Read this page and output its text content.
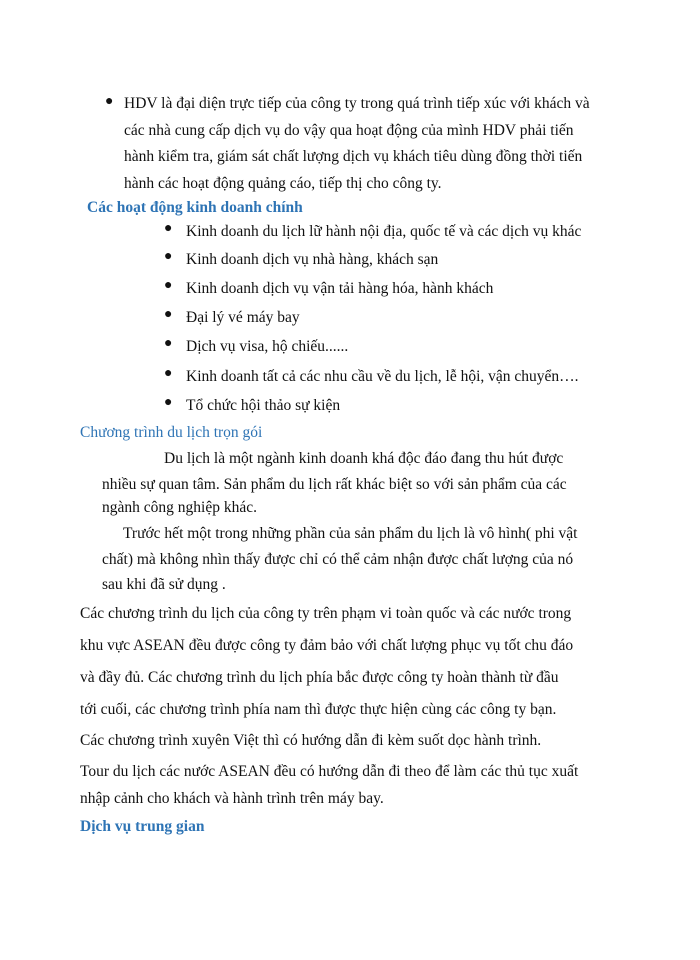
● HDV là đại diện trực tiếp của công ty trong quá trình tiếp xúc với khách và
các nhà cung cấp dịch vụ do vậy qua hoạt động của mình HDV phải tiến
hành kiểm tra, giám sát chất lượng dịch vụ khách tiêu dùng đồng thời tiến
hành các hoạt động quảng cáo, tiếp thị cho công ty.
Các hoạt động kinh doanh chính
● Kinh doanh du lịch lữ hành nội địa, quốc tế và các dịch vụ khác
● Kinh doanh dịch vụ nhà hàng, khách sạn
● Kinh doanh dịch vụ vận tải hàng hóa, hành khách
● Đại lý vé máy bay
● Dịch vụ visa, hộ chiếu......
● Kinh doanh tất cả các nhu cầu về du lịch, lễ hội, vận chuyển….
● Tổ chức hội thảo sự kiện
Chương trình du lịch trọn gói
Du lịch là một ngành kinh doanh khá độc đáo đang thu hút được
nhiều sự quan tâm. Sản phẩm du lịch rất khác biệt so với sản phẩm của các
ngành công nghiệp khác.
Trước hết một trong những phần của sản phẩm du lịch là vô hình( phi vật
chất) mà không nhìn thấy được chỉ có thể cảm nhận được chất lượng của nó
sau khi đã sử dụng .
Các chương trình du lịch của công ty trên phạm vi toàn quốc và các nước trong
khu vực ASEAN đều được công ty đảm bảo với chất lượng phục vụ tốt chu đáo
và đầy đủ. Các chương trình du lịch phía bắc được công ty hoàn thành từ đầu
tới cuối, các chương trình phía nam thì được thực hiện cùng các công ty bạn.
Các chương trình xuyên Việt thì có hướng dẫn đi kèm suốt dọc hành trình.
Tour du lịch các nước ASEAN đều có hướng dẫn đi theo để làm các thủ tục xuất
nhập cảnh cho khách và hành trình trên máy bay.
Dịch vụ trung gian
